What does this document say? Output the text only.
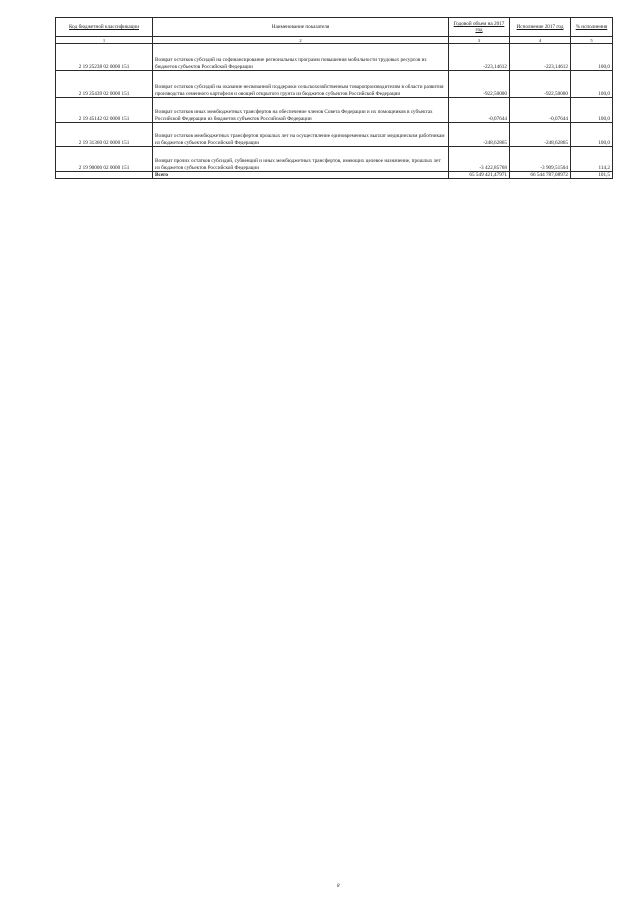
Код бюджетной классификации	Наименование показателя	Годовой объем на 2017 год	Исполнение 2017 год	% исполнения
1	2	3	4	5
2 19 25238 02 0000 151	Возврат остатков субсидий на софинансирование региональных программ повышения мобильности трудовых ресурсов из бюджетов субъектов Российской Федерации	-223,14612	-223,14612	100,0
2 19 25439 02 0000 151	Возврат остатков субсидий на оказание несвязанной поддержки сельскохозяйственным товаропроизводителям в области развития производства семенного картофеля и овощей открытого грунта из бюджетов субъектов Российской Федерации	-922,50000	-922,50000	100,0
2 19 45142 02 0000 151	Возврат остатков иных межбюджетных трансфертов на обеспечение членов Совета Федерации и их помощников в субъектах Российской Федерации из бюджетов субъектов Российской Федерации	-0,07644	-0,07644	100,0
2 19 31360 02 0000 151	Возврат остатков межбюджетных трансфертов прошлых лет на осуществление единовременных выплат медицинским работникам из бюджетов субъектов Российской Федерации	-248,62865	-248,62865	100,0
2 19 90000 02 0000 151	Возврат прочих остатков субсидий, субвенций и иных межбюджетных трансфертов, имеющих целевое назначение, прошлых лет из бюджетов субъектов Российской Федерации	-3 422,85768	-3 909,51504	114,2
	Всего	65 549 421,47971	66 544 787,08972	101,5
8
